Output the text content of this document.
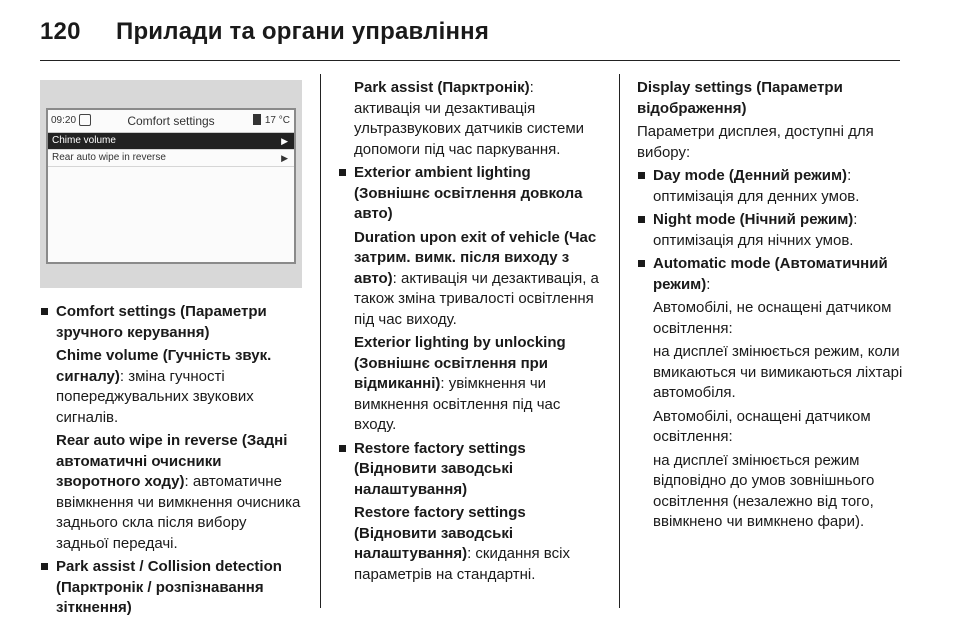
120 Прилади та органи управління
09:20	Comfort settings	17 °C
Chime volume	▶
Rear auto wipe in reverse	▶
Comfort settings (Параметри зручного керування)

Chime volume (Гучність звук. сигналу): зміна гучності попереджувальних звукових сигналів.

Rear auto wipe in reverse (Задні автоматичні очисники зворотного ходу): автоматичне ввімкнення чи вимкнення очисника заднього скла після вибору задньої передачі.

Park assist / Collision detection (Парктронік / розпізнавання зіткнення)

Park assist (Парктронік): активація чи дезактивація ультразвукових датчиків системи допомоги під час паркування.

Exterior ambient lighting (Зовнішнє освітлення довкола авто)

Duration upon exit of vehicle (Час затрим. вимк. після виходу з авто): активація чи дезактивація, а також зміна тривалості освітлення під час виходу.

Exterior lighting by unlocking (Зовнішнє освітлення при відмиканні): увімкнення чи вимкнення освітлення під час входу.

Restore factory settings (Відновити заводські налаштування)

Restore factory settings (Відновити заводські налаштування): скидання всіх параметрів на стандартні.

Display settings (Параметри відображення)

Параметри дисплея, доступні для вибору:

Day mode (Денний режим): оптимізація для денних умов.
Night mode (Нічний режим): оптимізація для нічних умов.
Automatic mode (Автоматичний режим):

Автомобілі, не оснащені датчиком освітлення:

на дисплеї змінюється режим, коли вмикаються чи вимикаються ліхтарі автомобіля.

Автомобілі, оснащені датчиком освітлення:

на дисплеї змінюється режим відповідно до умов зовнішнього освітлення (незалежно від того, ввімкнено чи вимкнено фари).
